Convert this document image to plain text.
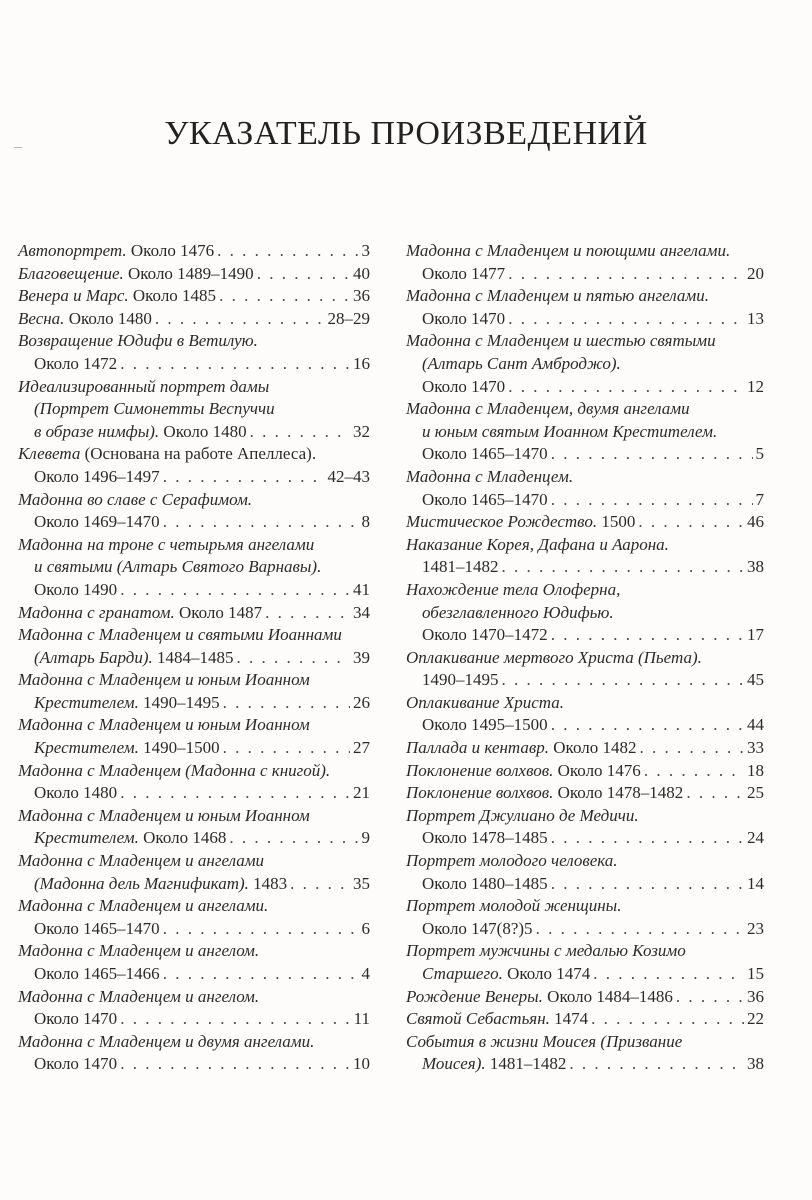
УКАЗАТЕЛЬ ПРОИЗВЕДЕНИЙ
Автопортрет. Около 1476 . . .	3
Благовещение. Около 1489–1490 . . .	40
Венера и Марс. Около 1485 . . .	36
Весна. Около 1480 . . .	28–29
Возвращение Юдифи в Ветилую.
Около 1472 . . .	16
Идеализированный портрет дамы
(Портрет Симонетты Веспуччи
в образе нимфы). Около 1480 . . .	32
Клевета (Основана на работе Апеллеса).
Около 1496–1497 . . .	42–43
Мадонна во славе с Серафимом.
Около 1469–1470 . . .	8
Мадонна на троне с четырьмя ангелами
и святыми (Алтарь Святого Варнавы).
Около 1490 . . .	41
Мадонна с гранатом. Около 1487 . . .	34
Мадонна с Младенцем и святыми Иоаннами
(Алтарь Барди). 1484–1485 . . .	39
Мадонна с Младенцем и юным Иоанном
Крестителем. 1490–1495 . . .	26
Мадонна с Младенцем и юным Иоанном
Крестителем. 1490–1500 . . .	27
Мадонна с Младенцем (Мадонна с книгой).
Около 1480 . . .	21
Мадонна с Младенцем и юным Иоанном
Крестителем. Около 1468 . . .	9
Мадонна с Младенцем и ангелами
(Мадонна дель Магнификат). 1483 . . .	35
Мадонна с Младенцем и ангелами.
Около 1465–1470 . . .	6
Мадонна с Младенцем и ангелом.
Около 1465–1466 . . .	4
Мадонна с Младенцем и ангелом.
Около 1470 . . .	11
Мадонна с Младенцем и двумя ангелами.
Около 1470 . . .	10
Мадонна с Младенцем и поющими ангелами.
Около 1477 . . .	20
Мадонна с Младенцем и пятью ангелами.
Около 1470 . . .	13
Мадонна с Младенцем и шестью святыми
(Алтарь Сант Амброджо).
Около 1470 . . .	12
Мадонна с Младенцем, двумя ангелами
и юным святым Иоанном Крестителем.
Около 1465–1470 . . .	5
Мадонна с Младенцем.
Около 1465–1470 . . .	7
Мистическое Рождество. 1500 . . .	46
Наказание Корея, Дафана и Аарона.
1481–1482 . . .	38
Нахождение тела Олоферна,
обезглавленного Юдифью.
Около 1470–1472 . . .	17
Оплакивание мертвого Христа (Пьета).
1490–1495 . . .	45
Оплакивание Христа.
Около 1495–1500 . . .	44
Паллада и кентавр. Около 1482 . . .	33
Поклонение волхвов. Около 1476 . . .	18
Поклонение волхвов. Около 1478–1482 . . .	25
Портрет Джулиано де Медичи.
Около 1478–1485 . . .	24
Портрет молодого человека.
Около 1480–1485 . . .	14
Портрет молодой женщины.
Около 147(8?)5 . . .	23
Портрет мужчины с медалью Козимо
Старшего. Около 1474 . . .	15
Рождение Венеры. Около 1484–1486 . . .	36
Святой Себастьян. 1474 . . .	22
События в жизни Моисея (Призвание
Моисея). 1481–1482 . . .	38
